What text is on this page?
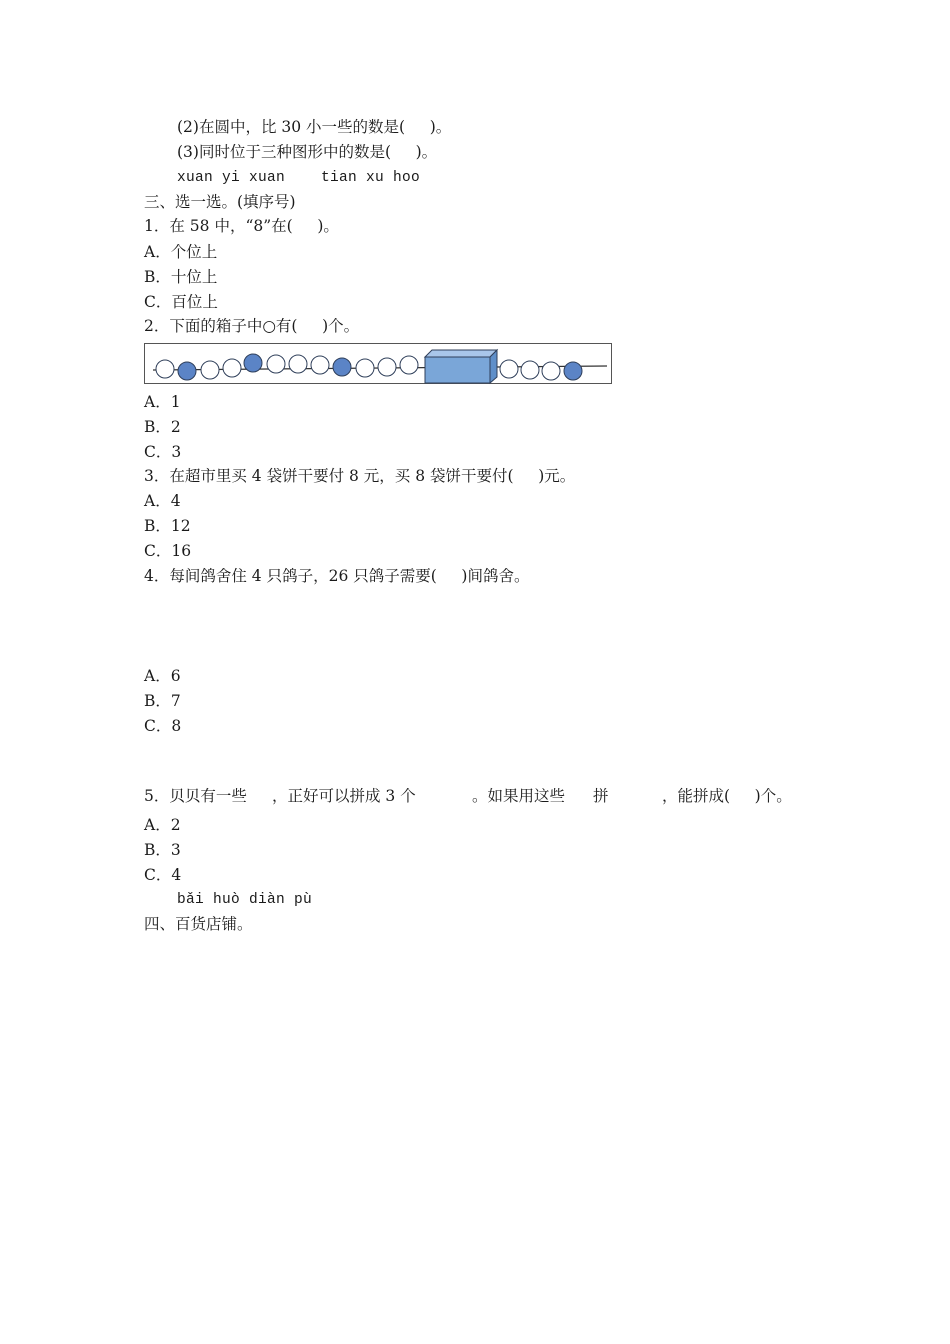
(2)在圆中，比 30 小一些的数是(     )。
(3)同时位于三种图形中的数是(     )。
xuan yi xuan    tian xu hoo
三、选一选。(填序号)
1．在 58 中，“8”在(     )。
A．个位上
B．十位上
C．百位上
2．下面的箱子中○有(     )个。
A．1
B．2
C．3
3．在超市里买 4 袋饼干要付 8 元，买 8 袋饼干要付(     )元。
A．4
B．12
C．16
4．每间鸽舍住 4 只鸽子，26 只鸽子需要(     )间鸽舍。
A．6
B．7
C．8
5．贝贝有一些 ，正好可以拼成 3 个	。如果用这些 拼	，能拼成(     )个。
A．2
B．3
C．4
bǎi huò diàn pù
四、百货店铺。
